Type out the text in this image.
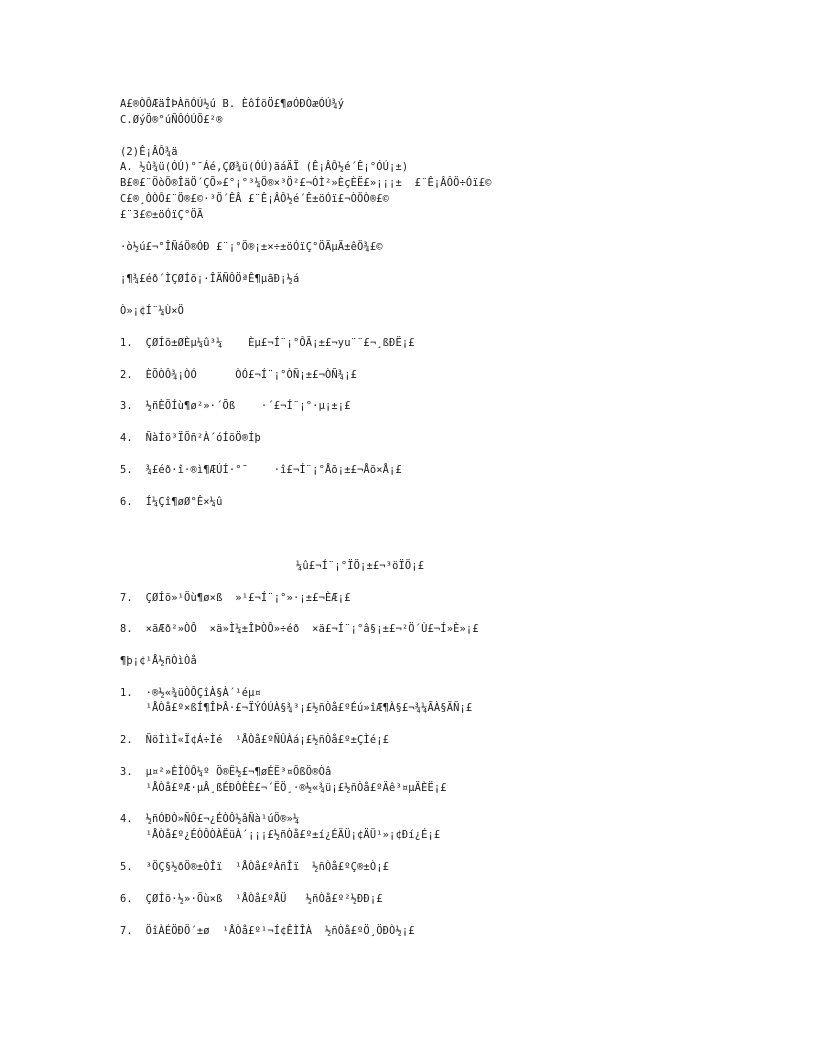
A£®ÒÔÆäÎÞÀñÓÚ½ú B. ÈôÍöÖ£¶øÓÐÒæÓÚ¾ý
C.ØýÖ®°úÑÔÓÚÕ£²®
(2)Ê¡ÂÔ¾ä
A. ½û¾ü(ÓÚ)°¯Áé,ÇØ¾ü(ÓÚ)ãáÄÏ (Ê¡ÂÔ½é´Ê¡°ÓÚ¡±)
B£®£¨ÖòÖ®ÎäÖ´ÇÕ»£°¡°³¼Ö®×³Ö²£¬ÓÌ²»ÈçÈË£»¡¡¡±  £¨Ê¡ÂÔÖ÷Óï£©
C£®¸ÒÒÔ£¨Ö®£©·³Ö´ÊÂ £¨Ê¡ÂÔ½é´Ê±öÓï£¬ÒÖÒ®£©
£¨3£©±öÓïÇ°ÖÃ
·ò½ú£¬°ÎÑáÖ®ÓÐ £¨¡°Ö®¡±×÷±öÓïÇ°ÖÃµÄ±êÖ¾£©
¡¶¾£éð´ÌÇØÍõ¡·ÎÄÑÔÖªÊ¶µãÐ¡½á
Ò»¡¢Í¨¼Ù×Ö
1.  ÇØÍõ±ØÈµ¼û³¼    Èµ£¬Í¨¡°ÔÃ¡±£¬yu¨¨£¬¸ßÐË¡£
2.  ÈÕÒÔ¾¡ÒÓ      ÒÓ£¬Í¨¡°ÒÑ¡±£¬ÒÑ¾¡£
3.  ½ñÈÕÍù¶ø²»·´Õß    ·´£¬Í¨¡°·µ¡±¡£
4.  ÑàÍõ³ÏÕñ²À´óÍõÖ®Íþ
5.  ¾£éð·î·®ì¶ÆÚÍ·°¯    ·î£¬Í¨¡°Åõ¡±£¬Åõ×Å¡£
6.  Í¼Çî¶øØ°Ê×¼û
¼û£¬Í¨¡°ÏÖ¡±£¬³öÏÖ¡£
7.  ÇØÍõ»¹Öù¶ø×ß  »¹£¬Í¨¡°»·¡±£¬ÈÆ¡£
8.  ×ãÆð²»ÒÔ  ×ä»Ì¼±ÎÞÒÔ»÷éð  ×ä£¬Í¨¡°â§¡±£¬²Ö´Ù£¬Í»È»¡£
¶þ¡¢¹Å½ñÒìÒå
1.  ·®½«¾üÒÔÇîÀ§À´¹éµ¤
¹ÅÒå£º×ßÍ¶ÎÞÂ·£¬ÏÝÓÚÀ§¾³¡£½ñÒå£ºÉú»îÆ¶À§£¬¾¼ÃÀ§ÄÑ¡£
2.  ÑöÌìÌ«Ï¢Á÷Ìé  ¹ÅÒå£ºÑÛÀá¡£½ñÒå£º±ÇÌé¡£
3.  µ¤²»ÈÌÒÔ¼º Ö®Ë½£¬¶øÉË³¤ÕßÖ®Òâ
¹ÅÒå£ºÆ·µÂ¸ßÉÐÒÈÈ£¬´ËÖ¸·®½«¾ü¡£½ñÒå£ºÄê³¤µÄÈË¡£
4.  ½ñÓÐÒ»ÑÔ£¬¿ÉÒÔ½âÑà¹úÖ®»¼
¹ÅÒå£º¿ÉÒÔÒÀËüÀ´¡¡¡£½ñÒå£º±í¿ÉÄÜ¡¢ÄÜ¹»¡¢Ðí¿É¡£
5.  ³ÖÇ§½ðÖ®±ÒÎï  ¹ÅÒå£ºÀñÎï  ½ñÒå£ºÇ®±Ò¡£
6.  ÇØÍõ·½»·Öù×ß  ¹ÅÒå£ºÅÜ   ½ñÒå£º²½ÐÐ¡£
7.  ÖîÀÉÖÐÖ´±ø  ¹ÅÒå£º¹¬Í¢ÊÌÎÀ  ½ñÒå£ºÖ¸ÖÐÒ½¡£
